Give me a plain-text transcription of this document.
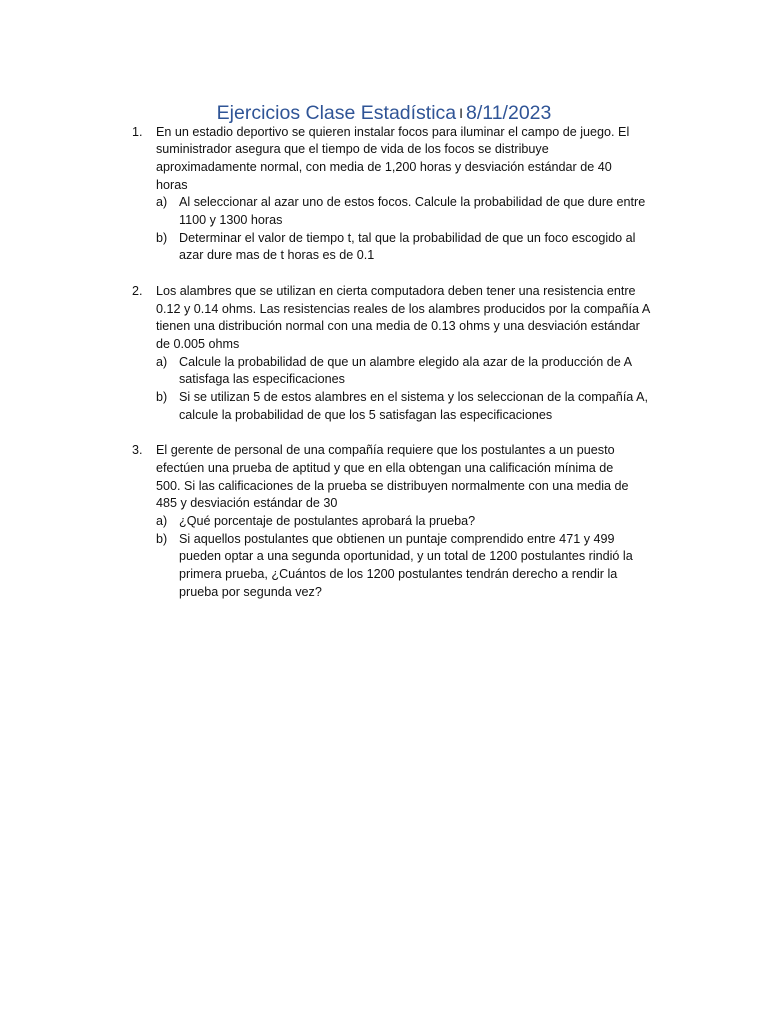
Ejercicios Clase Estadística I 8/11/2023
1. En un estadio deportivo se quieren instalar focos para iluminar el campo de juego. El
suministrador asegura que el tiempo de vida de los focos se distribuye
aproximadamente normal, con media de 1,200 horas y desviación estándar de 40
horas
a) Al seleccionar al azar uno de estos focos. Calcule la probabilidad de que dure entre
1100 y 1300 horas
b) Determinar el valor de tiempo t, tal que la probabilidad de que un foco escogido al
azar dure mas de t horas es de 0.1
2. Los alambres que se utilizan en cierta computadora deben tener una resistencia entre
0.12 y 0.14 ohms. Las resistencias reales de los alambres producidos por la compañía A
tienen una distribución normal con una media de 0.13 ohms y una desviación estándar
de 0.005 ohms
a) Calcule la probabilidad de que un alambre elegido ala azar de la producción de A
satisfaga las especificaciones
b) Si se utilizan 5 de estos alambres en el sistema y los seleccionan de la compañía A,
calcule la probabilidad de que los 5 satisfagan las especificaciones
3. El gerente de personal de una compañía requiere que los postulantes a un puesto
efectúen una prueba de aptitud y que en ella obtengan una calificación mínima de
500. Si las calificaciones de la prueba se distribuyen normalmente con una media de
485 y desviación estándar de 30
a) ¿Qué porcentaje de postulantes aprobará la prueba?
b) Si aquellos postulantes que obtienen un puntaje comprendido entre 471 y 499
pueden optar a una segunda oportunidad, y un total de 1200 postulantes rindió la
primera prueba, ¿Cuántos de los 1200 postulantes tendrán derecho a rendir la
prueba por segunda vez?
